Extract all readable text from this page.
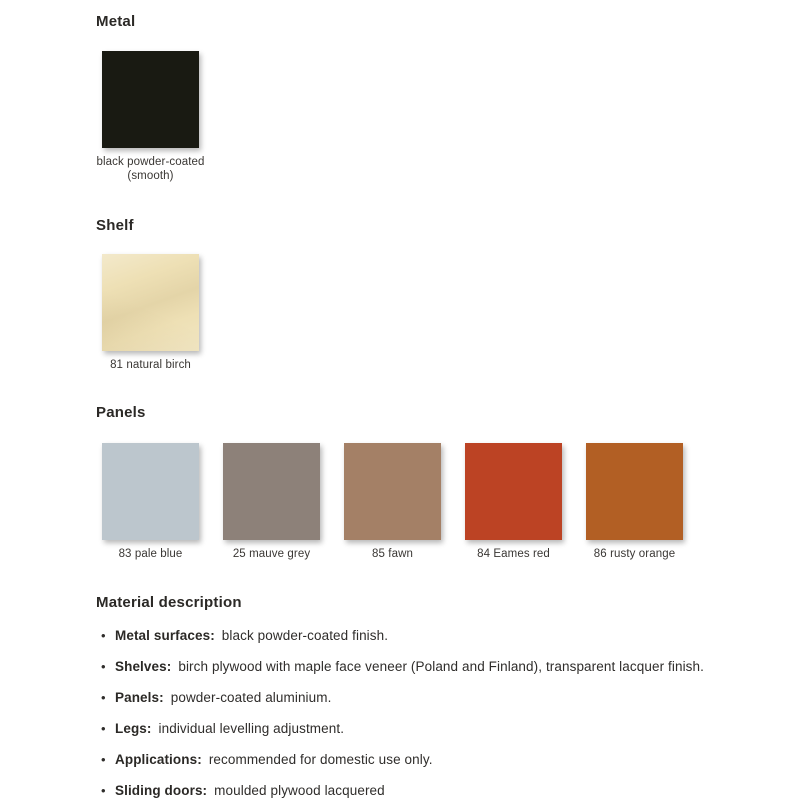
Metal
black powder-coated
(smooth)
Shelf
81 natural birch
Panels
83 pale blue	25 mauve grey	85 fawn	84 Eames red	86 rusty orange
Material description
• Metal surfaces: black powder-coated finish.
• Shelves: birch plywood with maple face veneer (Poland and Finland), transparent lacquer finish.
• Panels: powder-coated aluminium.
• Legs: individual levelling adjustment.
• Applications: recommended for domestic use only.
• Sliding doors: moulded plywood lacquered
